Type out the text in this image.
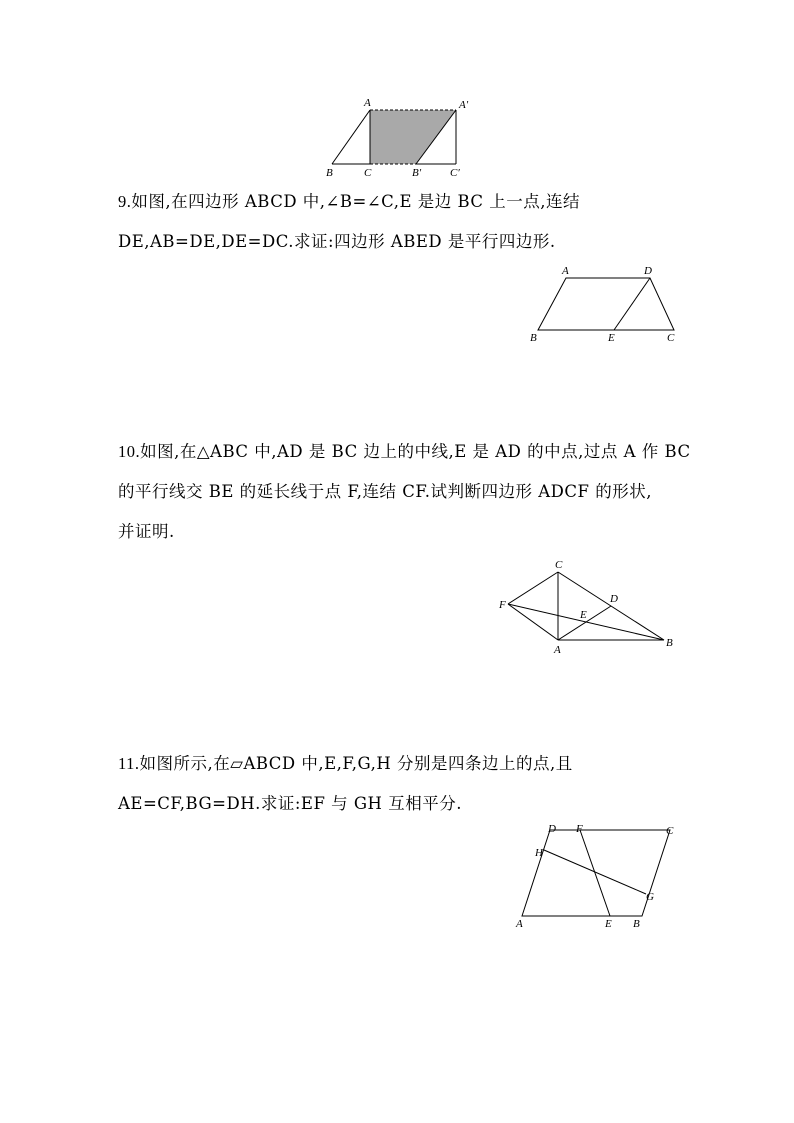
A	A′
B	C	B′	C′

9.如图,在四边形 ABCD 中,∠B=∠C,E 是边 BC 上一点,连结

DE,AB=DE,DE=DC.求证:四边形 ABED 是平行四边形.

A	D
B	E	C

10.如图,在△ABC 中,AD 是 BC 边上的中线,E 是 AD 的中点,过点 A 作 BC

的平行线交 BE 的延长线于点 F,连结 CF.试判断四边形 ADCF 的形状,

并证明.

C
D
F
E
A
B

11.如图所示,在▱ABCD 中,E,F,G,H 分别是四条边上的点,且

AE=CF,BG=DH.求证:EF 与 GH 互相平分.

D F	C
H
G
A	E B
